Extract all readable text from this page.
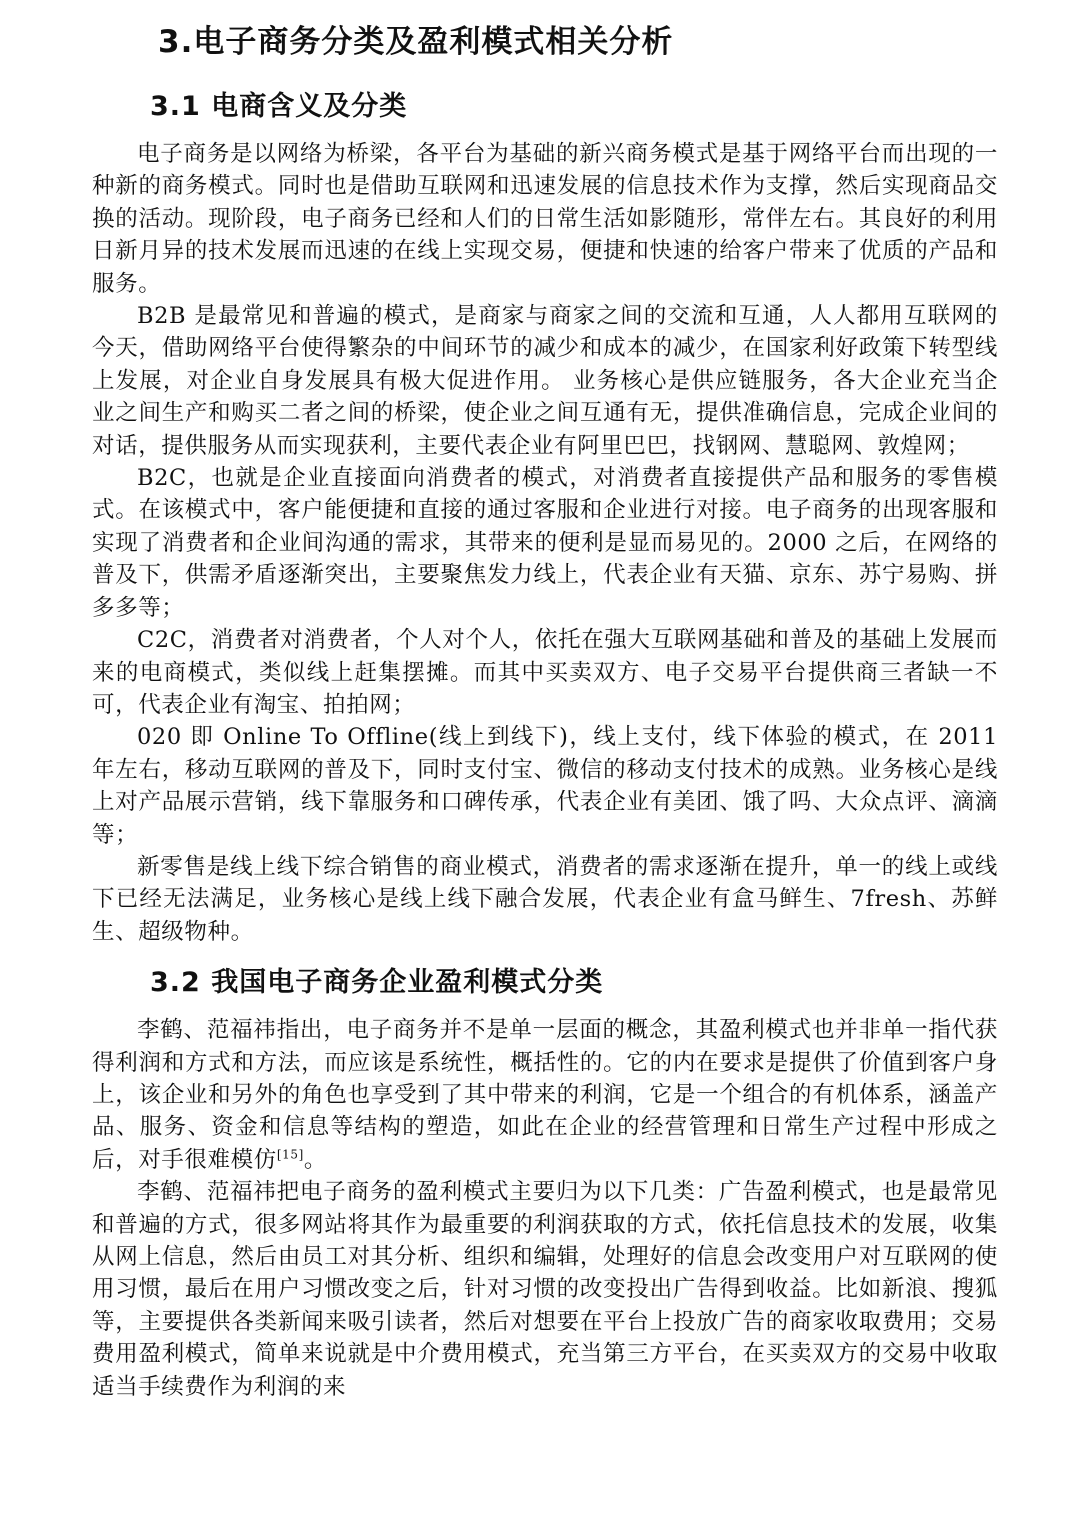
3.电子商务分类及盈利模式相关分析
3.1 电商含义及分类

电子商务是以网络为桥梁，各平台为基础的新兴商务模式是基于网络平台而出现的一种新的商务模式。同时也是借助互联网和迅速发展的信息技术作为支撑，然后实现商品交换的活动。现阶段，电子商务已经和人们的日常生活如影随形，常伴左右。其良好的利用日新月异的技术发展而迅速的在线上实现交易，便捷和快速的给客户带来了优质的产品和服务。

B2B 是最常见和普遍的模式，是商家与商家之间的交流和互通，人人都用互联网的今天，借助网络平台使得繁杂的中间环节的减少和成本的减少，在国家利好政策下转型线上发展，对企业自身发展具有极大促进作用。 业务核心是供应链服务，各大企业充当企业之间生产和购买二者之间的桥梁，使企业之间互通有无，提供准确信息，完成企业间的对话，提供服务从而实现获利，主要代表企业有阿里巴巴，找钢网、慧聪网、敦煌网；

B2C，也就是企业直接面向消费者的模式，对消费者直接提供产品和服务的零售模式。在该模式中，客户能便捷和直接的通过客服和企业进行对接。电子商务的出现客服和实现了消费者和企业间沟通的需求，其带来的便利是显而易见的。2000 之后，在网络的普及下，供需矛盾逐渐突出，主要聚焦发力线上，代表企业有天猫、京东、苏宁易购、拼多多等；

C2C，消费者对消费者，个人对个人，依托在强大互联网基础和普及的基础上发展而来的电商模式，类似线上赶集摆摊。而其中买卖双方、电子交易平台提供商三者缺一不可，代表企业有淘宝、拍拍网；

020 即 Online To Offline(线上到线下)，线上支付，线下体验的模式，在 2011 年左右，移动互联网的普及下，同时支付宝、微信的移动支付技术的成熟。业务核心是线上对产品展示营销，线下靠服务和口碑传承，代表企业有美团、饿了吗、大众点评、滴滴等；

新零售是线上线下综合销售的商业模式，消费者的需求逐渐在提升，单一的线上或线下已经无法满足，业务核心是线上线下融合发展，代表企业有盒马鲜生、7fresh、苏鲜生、超级物种。

3.2 我国电子商务企业盈利模式分类

李鹤、范福祎指出，电子商务并不是单一层面的概念，其盈利模式也并非单一指代获得利润和方式和方法，而应该是系统性，概括性的。它的内在要求是提供了价值到客户身上，该企业和另外的角色也享受到了其中带来的利润，它是一个组合的有机体系，涵盖产品、服务、资金和信息等结构的塑造，如此在企业的经营管理和日常生产过程中形成之后，对手很难模仿[15]。

李鹤、范福祎把电子商务的盈利模式主要归为以下几类：广告盈利模式，也是最常见和普遍的方式，很多网站将其作为最重要的利润获取的方式，依托信息技术的发展，收集从网上信息，然后由员工对其分析、组织和编辑，处理好的信息会改变用户对互联网的使用习惯，最后在用户习惯改变之后，针对习惯的改变投出广告得到收益。比如新浪、搜狐等，主要提供各类新闻来吸引读者，然后对想要在平台上投放广告的商家收取费用；交易费用盈利模式，简单来说就是中介费用模式，充当第三方平台，在买卖双方的交易中收取适当手续费作为利润的来
